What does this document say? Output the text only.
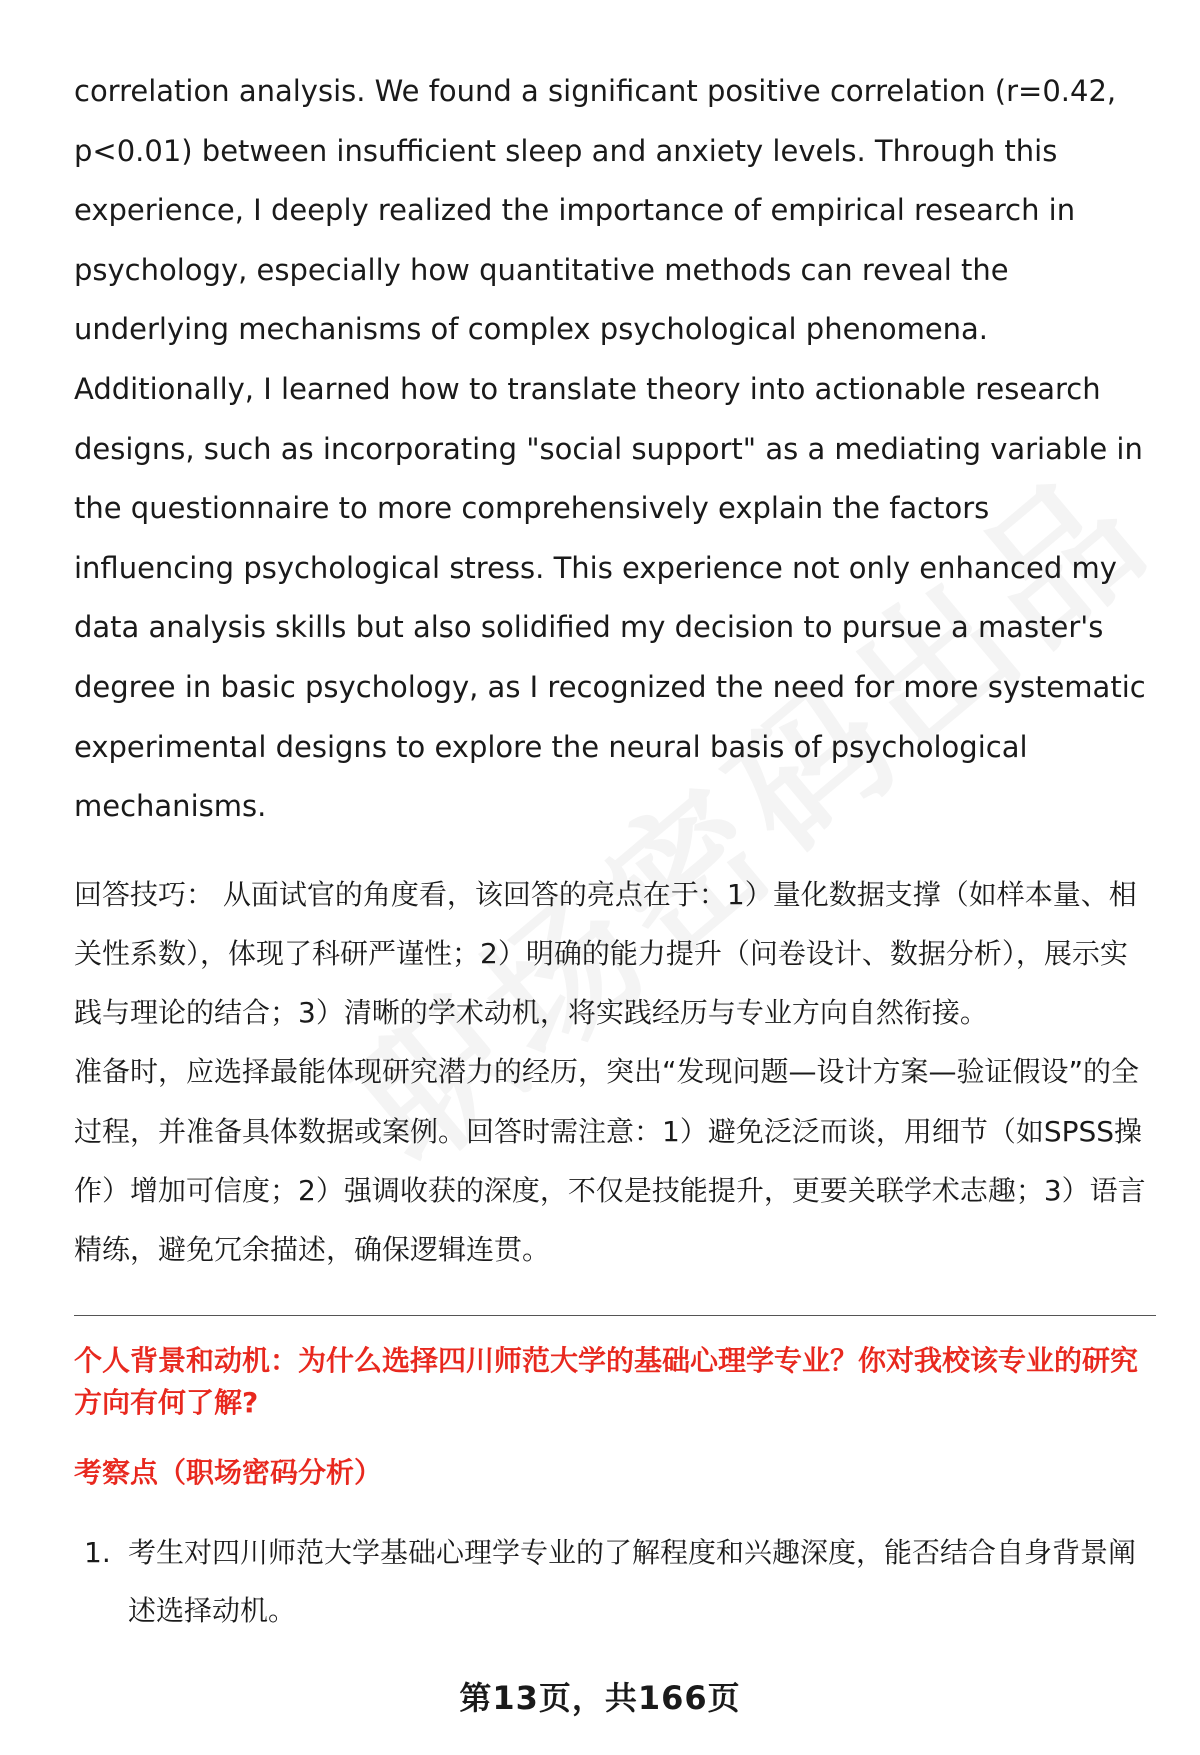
correlation analysis. We found a significant positive correlation (r=0.42, p<0.01) between insufficient sleep and anxiety levels. Through this experience, I deeply realized the importance of empirical research in psychology, especially how quantitative methods can reveal the underlying mechanisms of complex psychological phenomena. Additionally, I learned how to translate theory into actionable research designs, such as incorporating "social support" as a mediating variable in the questionnaire to more comprehensively explain the factors influencing psychological stress. This experience not only enhanced my data analysis skills but also solidified my decision to pursue a master's degree in basic psychology, as I recognized the need for more systematic experimental designs to explore the neural basis of psychological mechanisms.

回答技巧： 从面试官的角度看，该回答的亮点在于：1）量化数据支撑（如样本量、相关性系数），体现了科研严谨性；2）明确的能力提升（问卷设计、数据分析），展示实践与理论的结合；3）清晰的学术动机，将实践经历与专业方向自然衔接。

准备时，应选择最能体现研究潜力的经历，突出“发现问题—设计方案—验证假设”的全过程，并准备具体数据或案例。回答时需注意：1）避免泛泛而谈，用细节（如SPSS操作）增加可信度；2）强调收获的深度，不仅是技能提升，更要关联学术志趣；3）语言精练，避免冗余描述，确保逻辑连贯。

个人背景和动机：为什么选择四川师范大学的基础心理学专业？你对我校该专业的研究方向有何了解?
考察点（职场密码分析）
1. 考生对四川师范大学基础心理学专业的了解程度和兴趣深度，能否结合自身背景阐述选择动机。
第13页，共166页
